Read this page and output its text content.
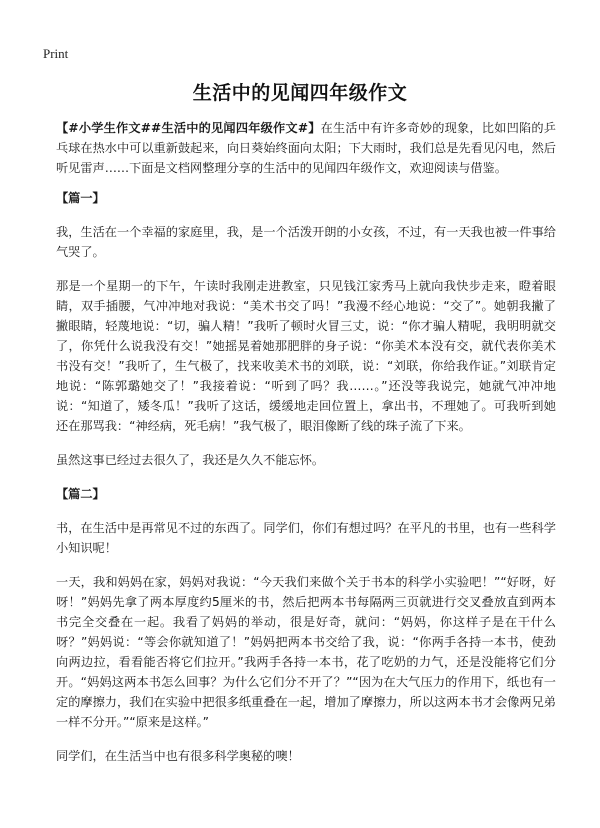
Print
生活中的见闻四年级作文

【#小学生作文##生活中的见闻四年级作文#】在生活中有许多奇妙的现象，比如凹陷的乒乓球在热水中可以重新鼓起来，向日葵始终面向太阳；下大雨时，我们总是先看见闪电，然后听见雷声……下面是文档网整理分享的生活中的见闻四年级作文，欢迎阅读与借鉴。

【篇一】

我，生活在一个幸福的家庭里，我，是一个活泼开朗的小女孩，不过，有一天我也被一件事给气哭了。

那是一个星期一的下午，午读时我刚走进教室，只见钱江家秀马上就向我快步走来，瞪着眼睛，双手插腰，气冲冲地对我说：“美术书交了吗！”我漫不经心地说：“交了”。她朝我撇了撇眼睛，轻蔑地说：“切，骗人精！”我听了顿时火冒三丈，说：“你才骗人精呢，我明明就交了，你凭什么说我没有交！”她摇晃着她那肥胖的身子说：“你美术本没有交，就代表你美术书没有交！”我听了，生气极了，找来收美术书的刘联，说：“刘联，你给我作证。”刘联肯定地说：“陈郭璐她交了！”我接着说：“听到了吗？我……。”还没等我说完，她就气冲冲地说：“知道了，矮冬瓜！”我听了这话，缓缓地走回位置上，拿出书，不理她了。可我听到她还在那骂我：“神经病，死毛病！”我气极了，眼泪像断了线的珠子流了下来。

虽然这事已经过去很久了，我还是久久不能忘怀。

【篇二】

书，在生活中是再常见不过的东西了。同学们，你们有想过吗？在平凡的书里，也有一些科学小知识呢！

一天，我和妈妈在家，妈妈对我说：“今天我们来做个关于书本的科学小实验吧！”“好呀，好呀！”妈妈先拿了两本厚度约5厘米的书，然后把两本书每隔两三页就进行交叉叠放直到两本书完全交叠在一起。我看了妈妈的举动，很是好奇，就问：“妈妈，你这样子是在干什么呀？”妈妈说：“等会你就知道了！”妈妈把两本书交给了我，说：“你两手各持一本书，使劲向两边拉，看看能否将它们拉开。”我两手各持一本书，花了吃奶的力气，还是没能将它们分开。“妈妈这两本书怎么回事？为什么它们分不开了？”“因为在大气压力的作用下，纸也有一定的摩擦力，我们在实验中把很多纸重叠在一起，增加了摩擦力，所以这两本书才会像两兄弟一样不分开。”“原来是这样。”

同学们，在生活当中也有很多科学奥秘的噢！
